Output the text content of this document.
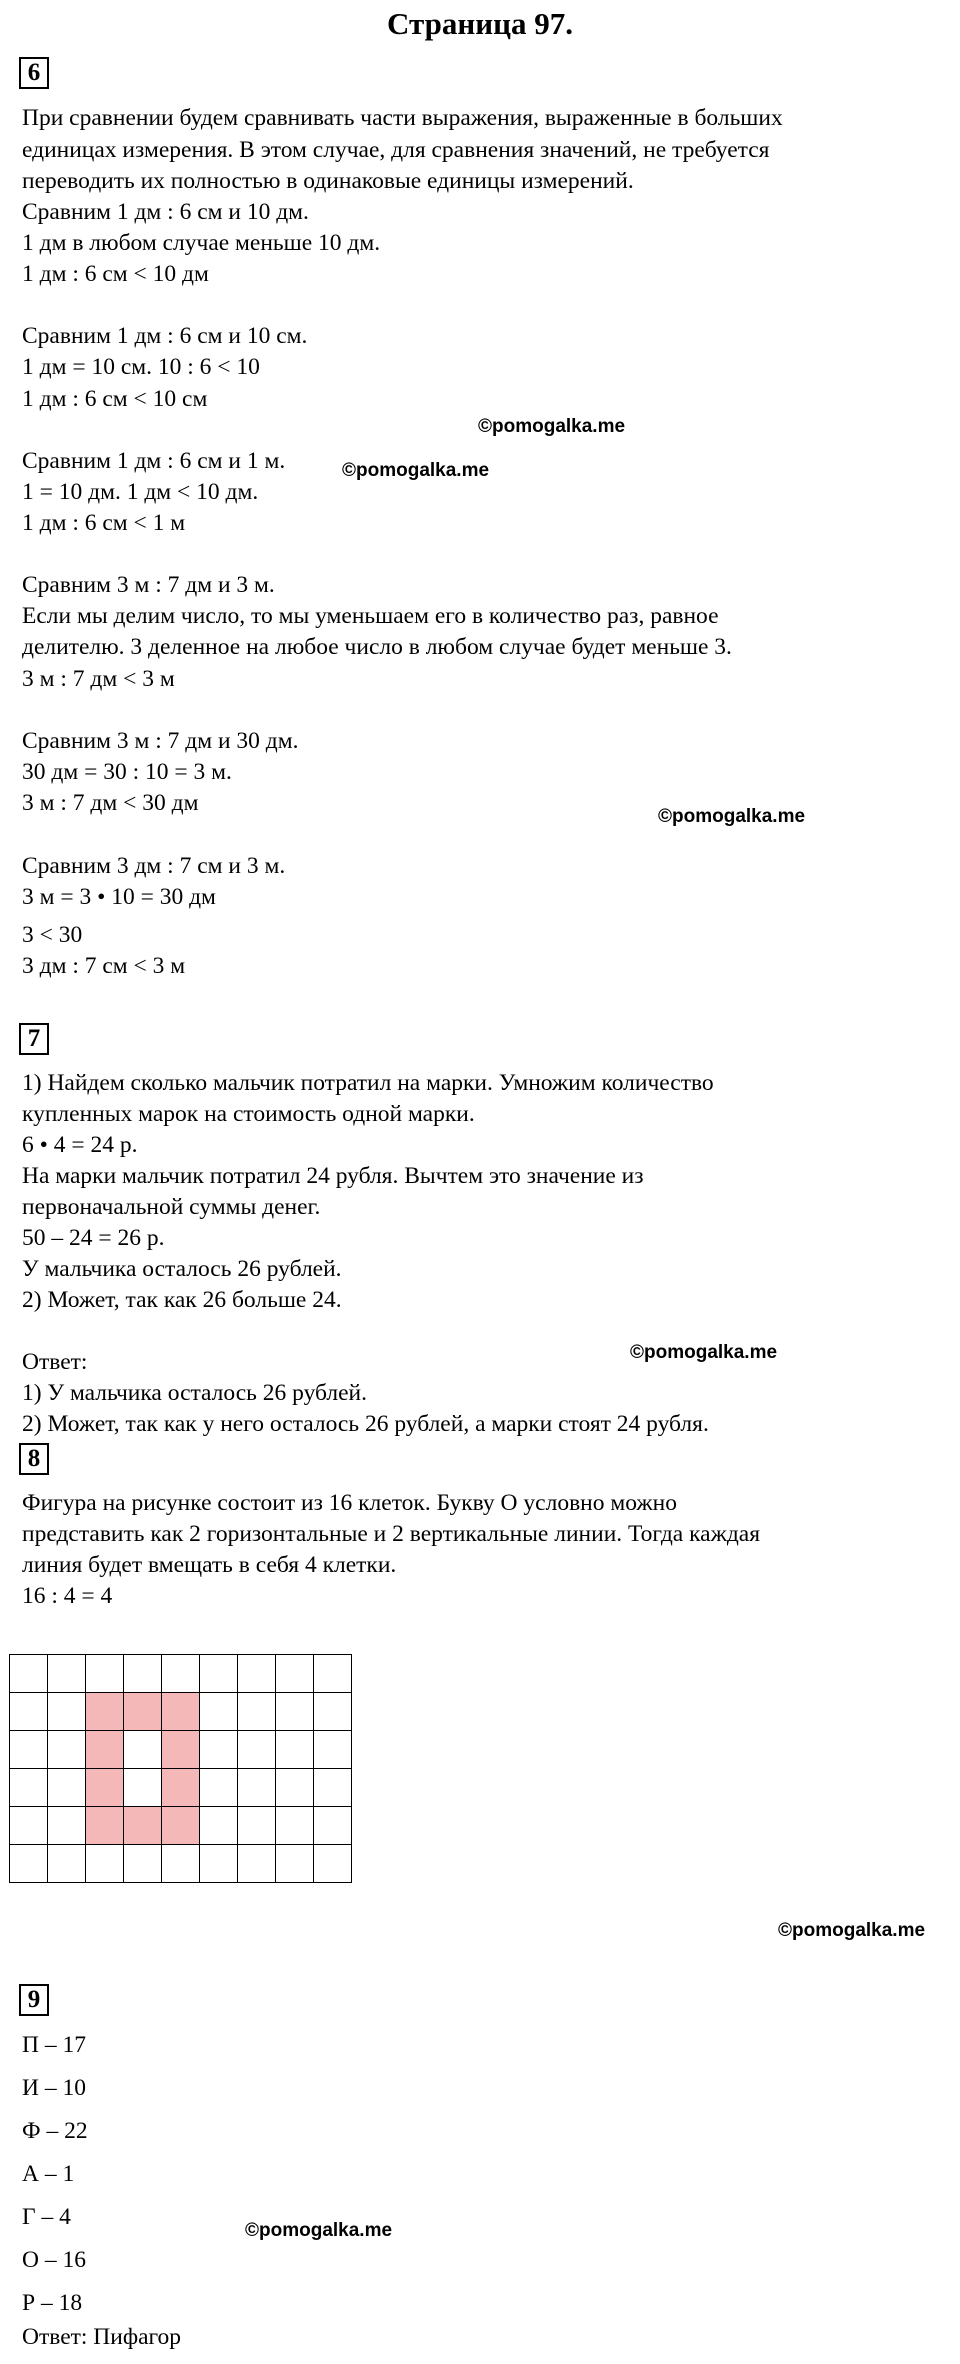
Страница 97.
6
При сравнении будем сравнивать части выражения, выраженные в больших
единицах измерения. В этом случае, для сравнения значений, не требуется
переводить их полностью в одинаковые единицы измерений.
Сравним 1 дм : 6 см и 10 дм.
1 дм в любом случае меньше 10 дм.
1 дм : 6 см < 10 дм
Сравним 1 дм : 6 см и 10 см.
1 дм = 10 см. 10 : 6 < 10
1 дм : 6 см < 10 см
Сравним 1 дм : 6 см и 1 м.
1 = 10 дм. 1 дм < 10 дм.
1 дм : 6 см < 1 м
Сравним 3 м : 7 дм и 3 м.
Если мы делим число, то мы уменьшаем его в количество раз, равное
делителю. 3 деленное на любое число в любом случае будет меньше 3.
3 м : 7 дм < 3 м
Сравним 3 м : 7 дм и 30 дм.
30 дм = 30 : 10 = 3 м.
3 м : 7 дм < 30 дм
Сравним 3 дм : 7 см и 3 м.
3 м = 3 • 10 = 30 дм
3 < 30
3 дм : 7 см < 3 м
©pomogalka.me
©pomogalka.me
©pomogalka.me
7
1) Найдем сколько мальчик потратил на марки. Умножим количество
купленных марок на стоимость одной марки.
6 • 4 = 24 р.
На марки мальчик потратил 24 рубля. Вычтем это значение из
первоначальной суммы денег.
50 – 24 = 26 р.
У мальчика осталось 26 рублей.
2) Может, так как 26 больше 24.
Ответ:
1) У мальчика осталось 26 рублей.
2) Может, так как у него осталось 26 рублей, а марки стоят 24 рубля.
©pomogalka.me
8
Фигура на рисунке состоит из 16 клеток. Букву О условно можно
представить как 2 горизонтальные и 2 вертикальные линии. Тогда каждая
линия будет вмещать в себя 4 клетки.
16 : 4 = 4
©pomogalka.me
9
П – 17
И – 10
Ф – 22
А – 1
Г – 4
О – 16
Р – 18
Ответ: Пифагор
©pomogalka.me
